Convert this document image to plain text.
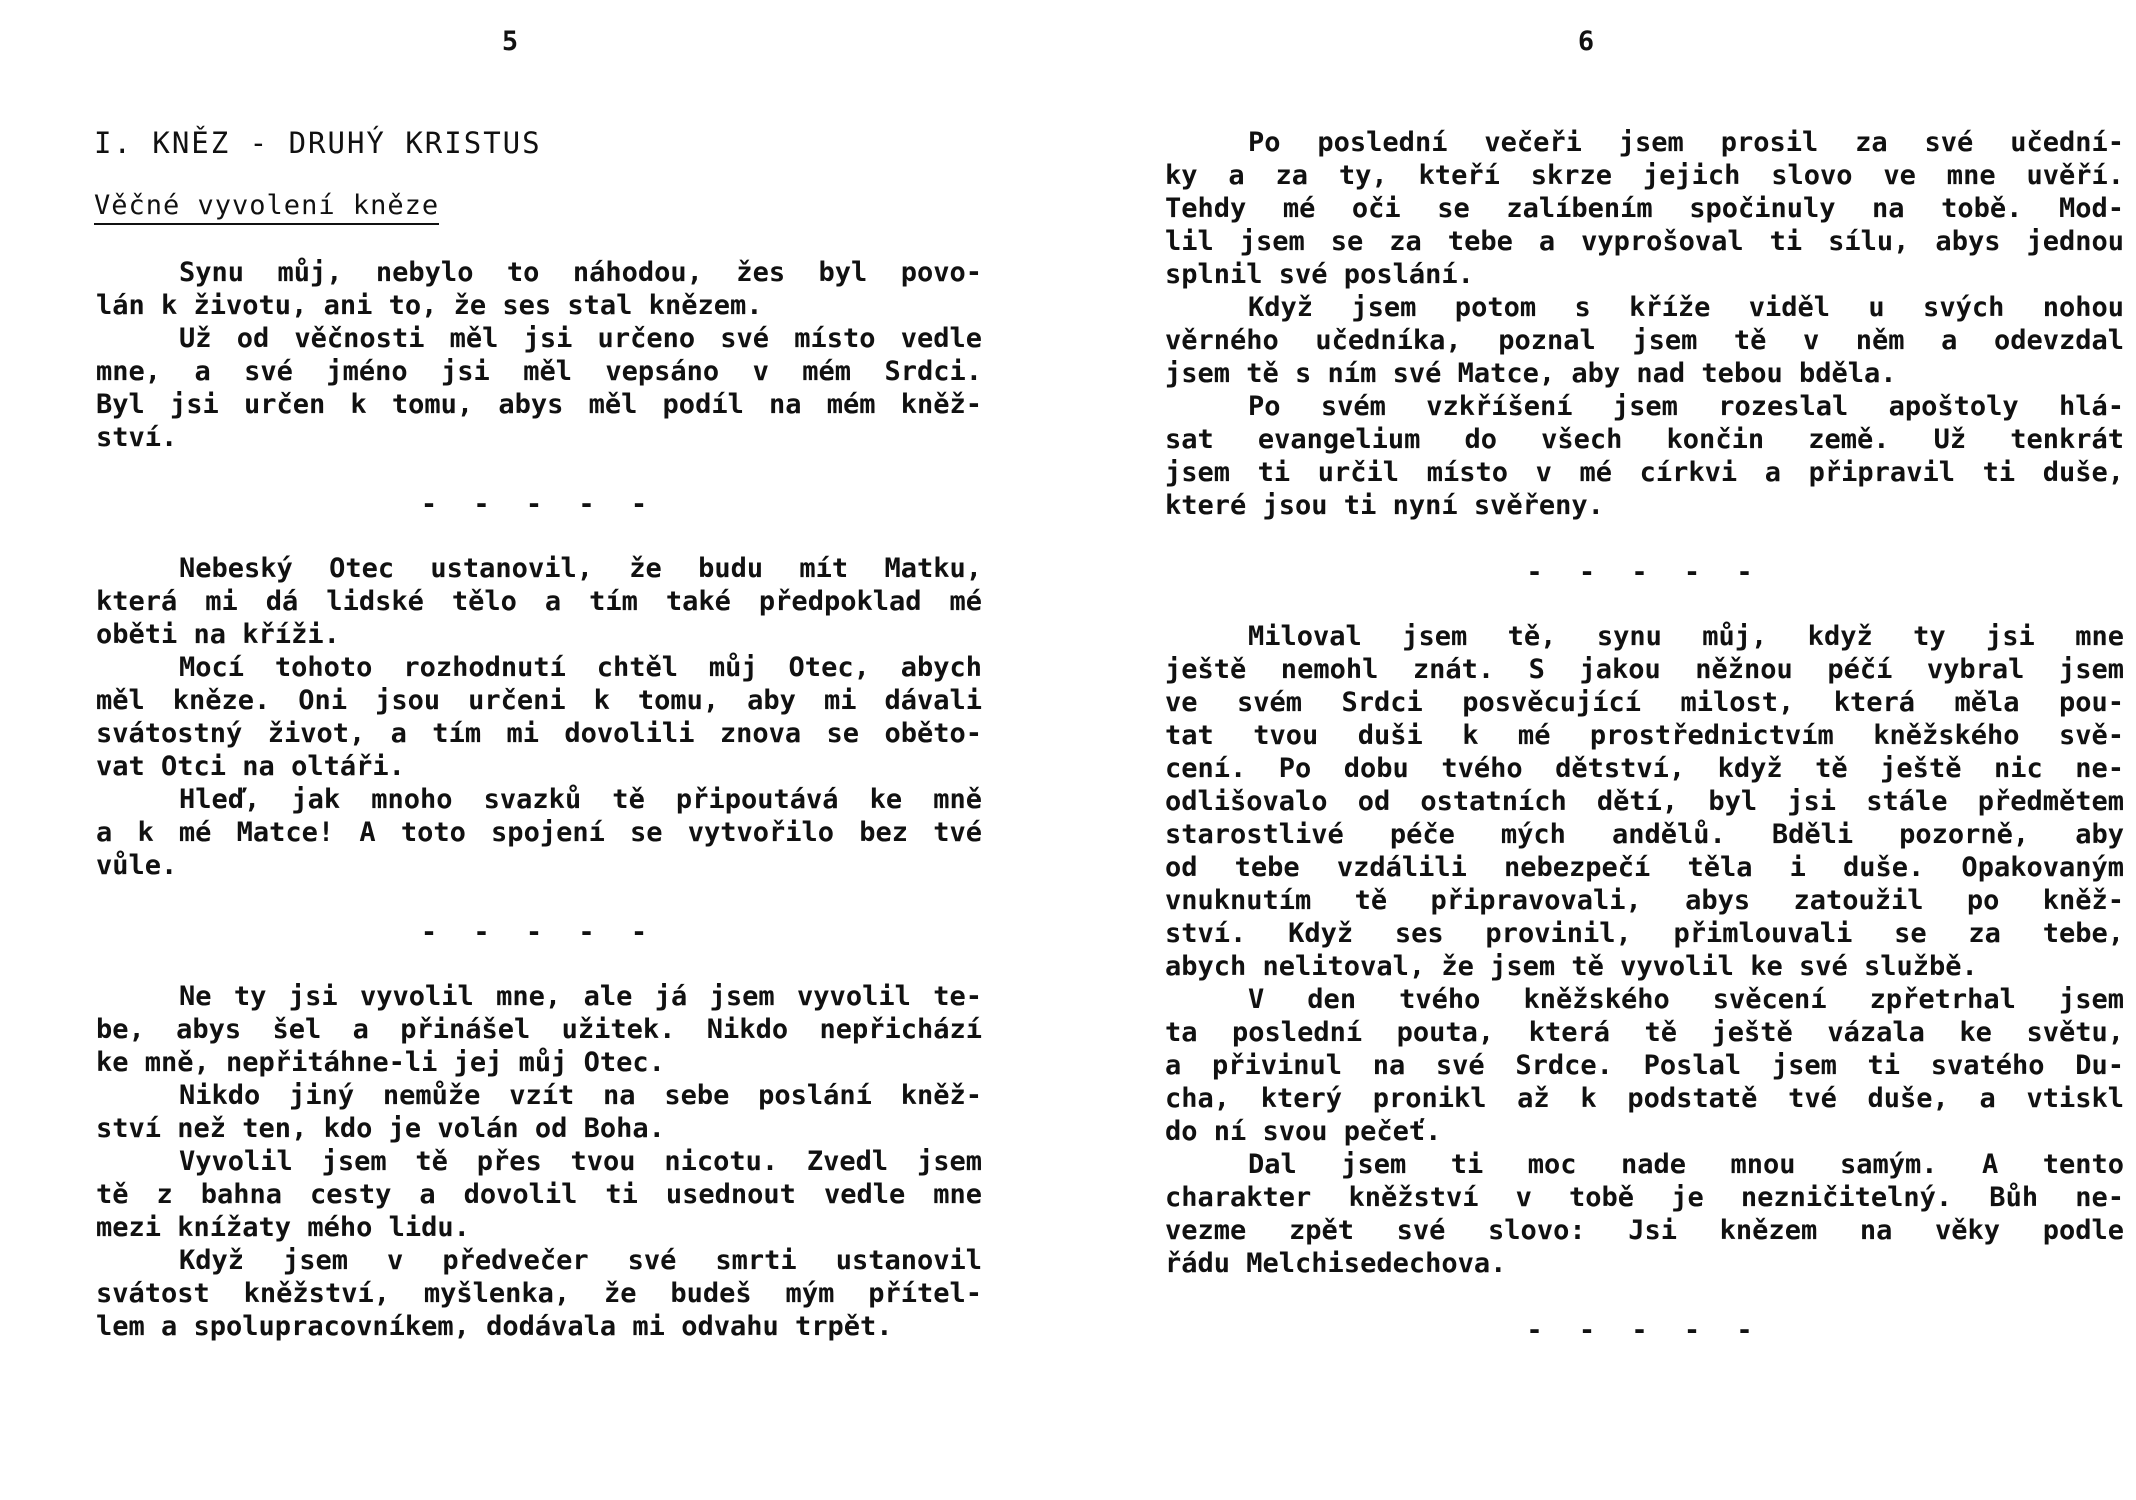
5
I. KNĚZ - DRUHÝ KRISTUS
Věčné vyvolení kněze
Synu můj, nebylo to náhodou, žes byl povo-
lán k životu, ani to, že ses stal knězem.
Už od věčnosti měl jsi určeno své místo vedle
mne, a své jméno jsi měl vepsáno v mém Srdci.
Byl jsi určen k tomu, abys měl podíl na mém kněž-
ství.
- - - - -
Nebeský Otec ustanovil, že budu mít Matku,
která mi dá lidské tělo a tím také předpoklad mé
oběti na kříži.
Mocí tohoto rozhodnutí chtěl můj Otec, abych
měl kněze. Oni jsou určeni k tomu, aby mi dávali
svátostný život, a tím mi dovolili znova se oběto-
vat Otci na oltáři.
Hleď, jak mnoho svazků tě připoutává ke mně
a k mé Matce! A toto spojení se vytvořilo bez tvé
vůle.
- - - - -
Ne ty jsi vyvolil mne, ale já jsem vyvolil te-
be, abys šel a přinášel užitek. Nikdo nepřichází
ke mně, nepřitáhne-li jej můj Otec.
Nikdo jiný nemůže vzít na sebe poslání kněž-
ství než ten, kdo je volán od Boha.
Vyvolil jsem tě přes tvou nicotu. Zvedl jsem
tě z bahna cesty a dovolil ti usednout vedle mne
mezi knížaty mého lidu.
Když jsem v předvečer své smrti ustanovil
svátost kněžství, myšlenka, že budeš mým přítel-
lem a spolupracovníkem, dodávala mi odvahu trpět.
6
Po poslední večeři jsem prosil za své učední-
ky a za ty, kteří skrze jejich slovo ve mne uvěří.
Tehdy mé oči se zalíbením spočinuly na tobě. Mod-
lil jsem se za tebe a vyprošoval ti sílu, abys jednou
splnil své poslání.
Když jsem potom s kříže viděl u svých nohou
věrného učedníka, poznal jsem tě v něm a odevzdal
jsem tě s ním své Matce, aby nad tebou bděla.
Po svém vzkříšení jsem rozeslal apoštoly hlá-
sat evangelium do všech končin země. Už tenkrát
jsem ti určil místo v mé církvi a připravil ti duše,
které jsou ti nyní svěřeny.
- - - - -
Miloval jsem tě, synu můj, když ty jsi mne
ještě nemohl znát. S jakou něžnou péčí vybral jsem
ve svém Srdci posvěcující milost, která měla pou-
tat tvou duši k mé prostřednictvím kněžského svě-
cení. Po dobu tvého dětství, když tě ještě nic ne-
odlišovalo od ostatních dětí, byl jsi stále předmětem
starostlivé péče mých andělů. Bděli pozorně, aby
od tebe vzdálili nebezpečí těla i duše. Opakovaným
vnuknutím tě připravovali, abys zatoužil po kněž-
ství. Když ses provinil, přimlouvali se za tebe,
abych nelitoval, že jsem tě vyvolil ke své službě.
V den tvého kněžského svěcení zpřetrhal jsem
ta poslední pouta, která tě ještě vázala ke světu,
a přivinul na své Srdce. Poslal jsem ti svatého Du-
cha, který pronikl až k podstatě tvé duše, a vtiskl
do ní svou pečeť.
Dal jsem ti moc nade mnou samým. A tento
charakter kněžství v tobě je nezničitelný. Bůh ne-
vezme zpět své slovo: Jsi knězem na věky podle
řádu Melchisedechova.
- - - - -
